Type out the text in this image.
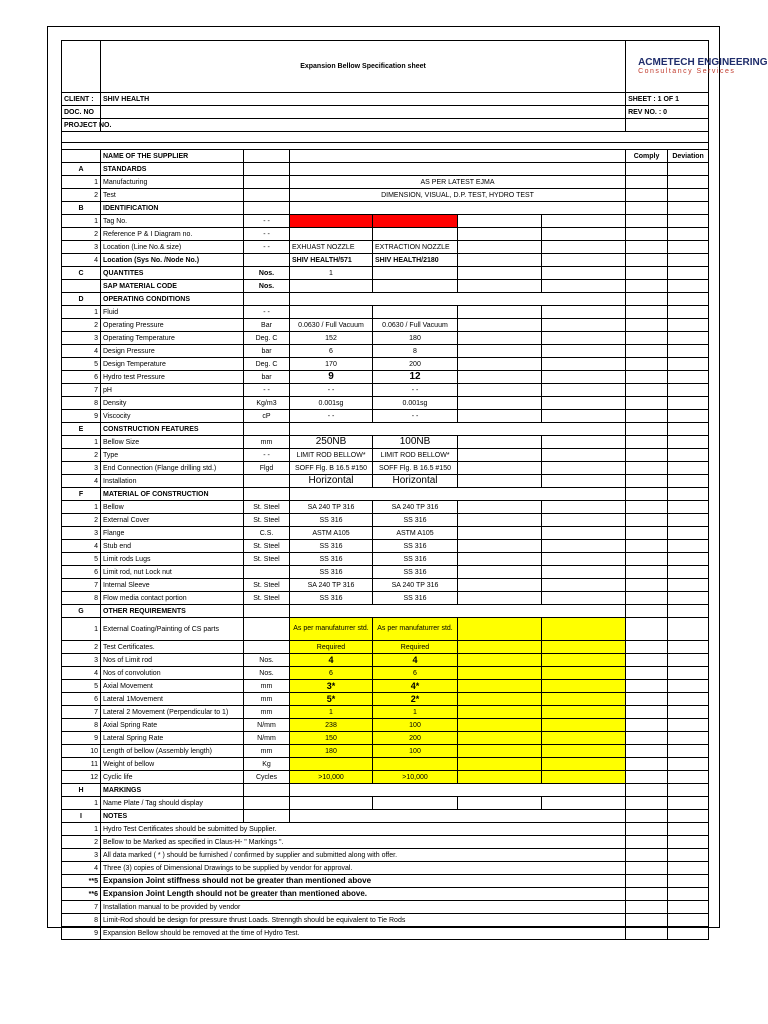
	Expansion Bellow Specification sheet						ACMETECH ENGINEERING
Consultancy Services	

CLIENT :	SHIV HEALTH						SHEET : 1 OF 1	
DOC. NO							REV NO. : 0	
PROJECT NO.								

	NAME OF THE SUPPLIER						Comply	Deviation
A	STANDARDS							
1	Manufacturing		AS PER LATEST EJMA					
2	Test		DIMENSION, VISUAL, D.P. TEST, HYDRO TEST					
B	IDENTIFICATION							
1	Tag No.	- -						
2	Reference P & I Diagram no.	- -						
3	Location (Line No.& size)	- -	EXHUAST NOZZLE	EXTRACTION NOZZLE				
4	Location (Sys No. /Node No.)		SHIV HEALTH/571	SHIV HEALTH/2180				
C	QUANTITES	Nos.	1					
	SAP MATERIAL CODE	Nos.						
D	OPERATING CONDITIONS							
1	Fluid	- -						
2	Operating Pressure	Bar	0.0630 / Full Vacuum	0.0630 / Full Vacuum				
3	Operating Temperature	Deg. C	152	180				
4	Design Pressure	bar	6	8				
5	Design Temperature	Deg. C	170	200				
6	Hydro test Pressure	bar	9	12				
7	pH	- -	- -	- -				
8	Density	Kg/m3	0.001sg	0.001sg				
9	Viscocity	cP	- -	- -				
E	CONSTRUCTION FEATURES							
1	Bellow Size	mm	250NB	100NB				
2	Type	- -	LIMIT ROD BELLOW*	LIMIT ROD BELLOW*				
3	End Connection (Flange drilling std.)	Flgd	SOFF Flg. B 16.5 #150	SOFF Flg. B 16.5 #150				
4	Installation		Horizontal	Horizontal				
F	MATERIAL OF CONSTRUCTION							
1	Bellow	St. Steel	SA 240 TP 316	SA 240 TP 316				
2	External Cover	St. Steel	SS 316	SS 316				
3	Flange	C.S.	ASTM A105	ASTM A105				
4	Stub end	St. Steel	SS 316	SS 316				
5	Limit rods Lugs	St. Steel	SS 316	SS 316				
6	Limit rod, nut Lock nut		SS 316	SS 316				
7	Internal Sleeve	St. Steel	SA 240 TP 316	SA 240 TP 316				
8	Flow media contact portion	St. Steel	SS 316	SS 316				
G	OTHER REQUIREMENTS							
1	External Coating/Painting of CS parts		As per manufaturrer std.	As per manufaturrer std.				
2	Test Certificates.		Required	Required				
3	Nos of Limit rod	Nos.	4	4				
4	Nos of convolution	Nos.	6	6				
5	Axial Movement	mm	3*	4*				
6	Lateral 1Movement	mm	5*	2*				
7	Lateral 2 Movement (Perpendicular to 1)	mm	1	1				
8	Axial Spring Rate	N/mm	238	100				
9	Lateral Spring Rate	N/mm	150	200				
10	Length of bellow (Assembly length)	mm	180	100				
11	Weight of bellow	Kg						
12	Cyclic life	Cycles	>10,000	>10,000				
H	MARKINGS							
1	Name Plate / Tag should display							
I	NOTES							
1	Hydro Test Certificates should be submitted by Supplier.							
2	Bellow to be Marked as specified in Claus-H- " Markings ".							
3	All data marked ( * ) should be furnished / confirmed by supplier and submitted along with offer.							
4	Three (3) copies of Dimensional Drawings to be supplied by vendor for approval.							
**5	Expansion Joint stiffness should not be greater than mentioned above							
**6	Expansion Joint Length should not be greater than mentioned above.							
7	Installation manual to be provided by vendor							
8	Limit-Rod should be design for pressure thrust Loads. Strenngth should be equivalent to Tie Rods							
9	Expansion Bellow should be removed at the time of Hydro Test.							
